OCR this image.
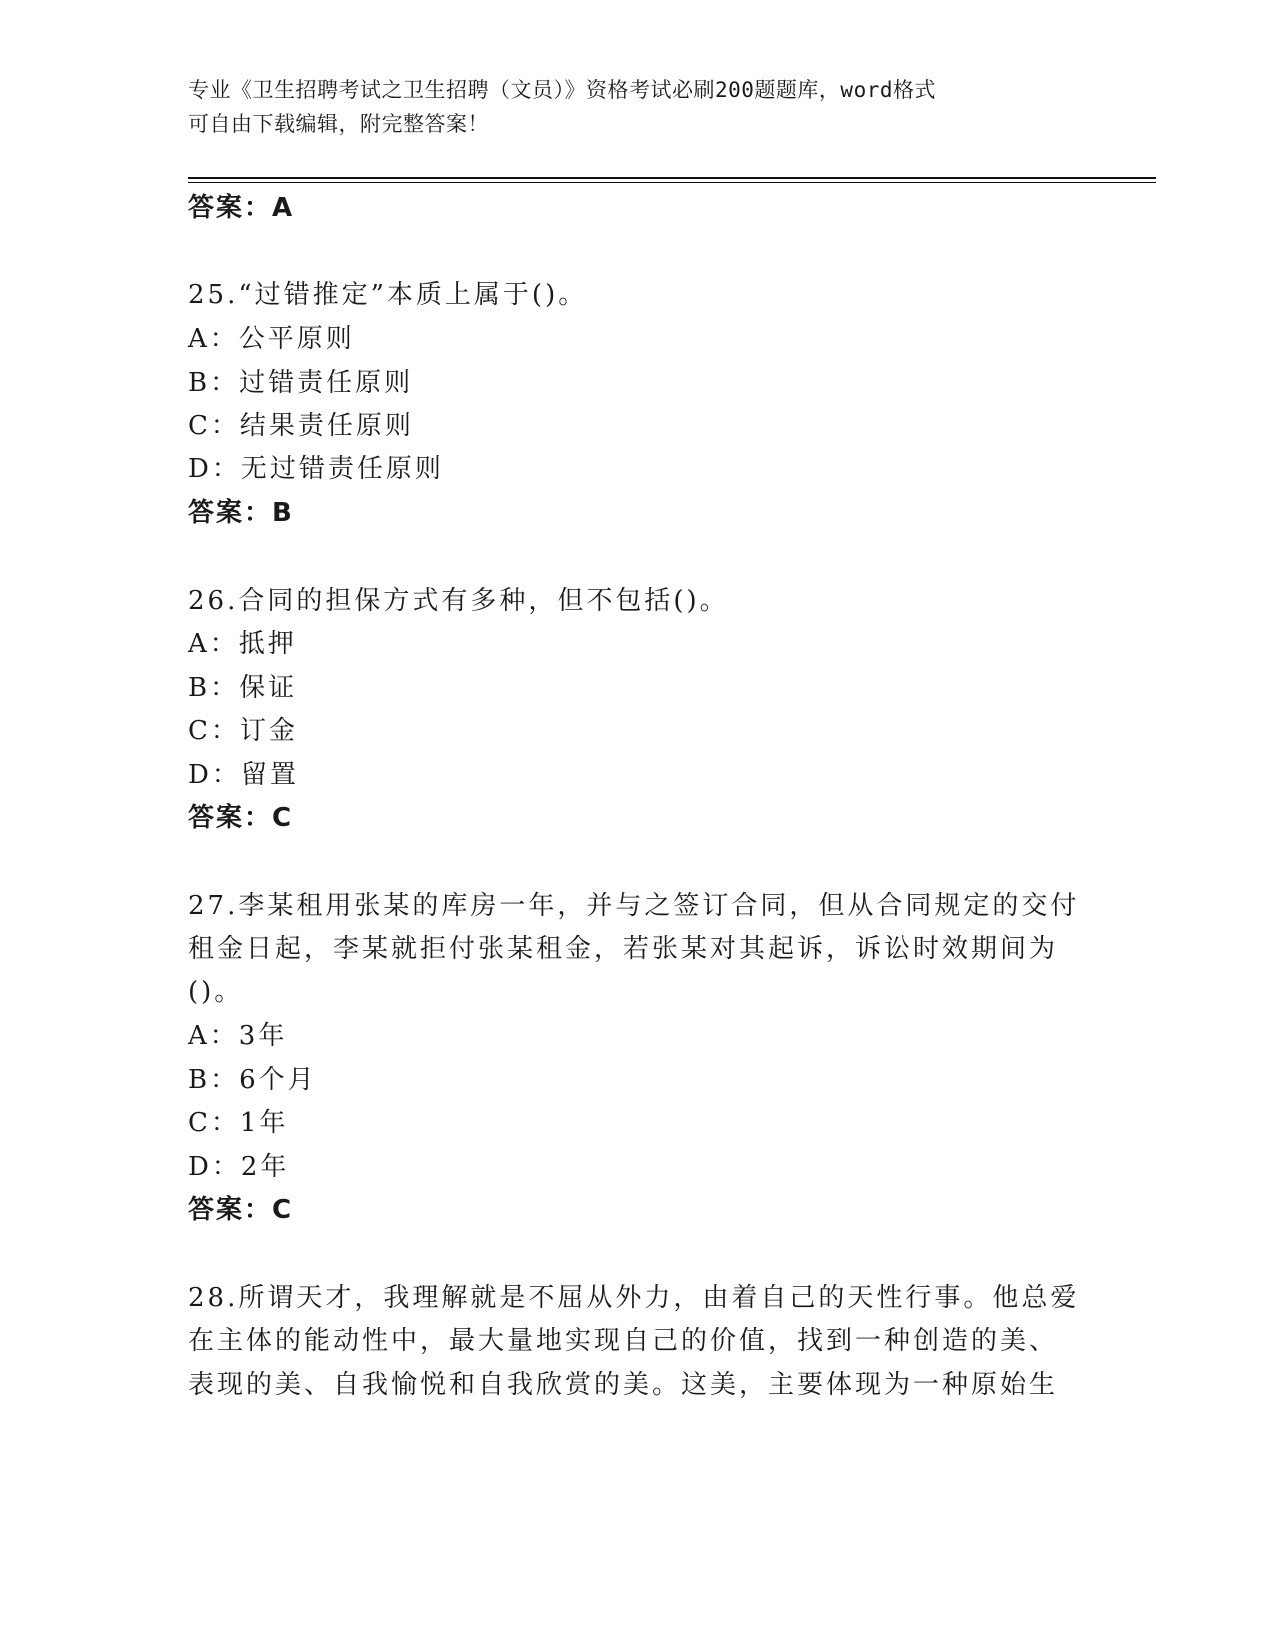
专业《卫生招聘考试之卫生招聘（文员）》资格考试必刷200题题库，word格式
可自由下载编辑，附完整答案！
答案：A
25.“过错推定”本质上属于()。
A：公平原则
B：过错责任原则
C：结果责任原则
D：无过错责任原则
答案：B
26.合同的担保方式有多种，但不包括()。
A：抵押
B：保证
C：订金
D：留置
答案：C
27.李某租用张某的库房一年，并与之签订合同，但从合同规定的交付
租金日起，李某就拒付张某租金，若张某对其起诉，诉讼时效期间为
()。
A：3年
B：6个月
C：1年
D：2年
答案：C
28.所谓天才，我理解就是不屈从外力，由着自己的天性行事。他总爱
在主体的能动性中，最大量地实现自己的价值，找到一种创造的美、
表现的美、自我愉悦和自我欣赏的美。这美，主要体现为一种原始生
